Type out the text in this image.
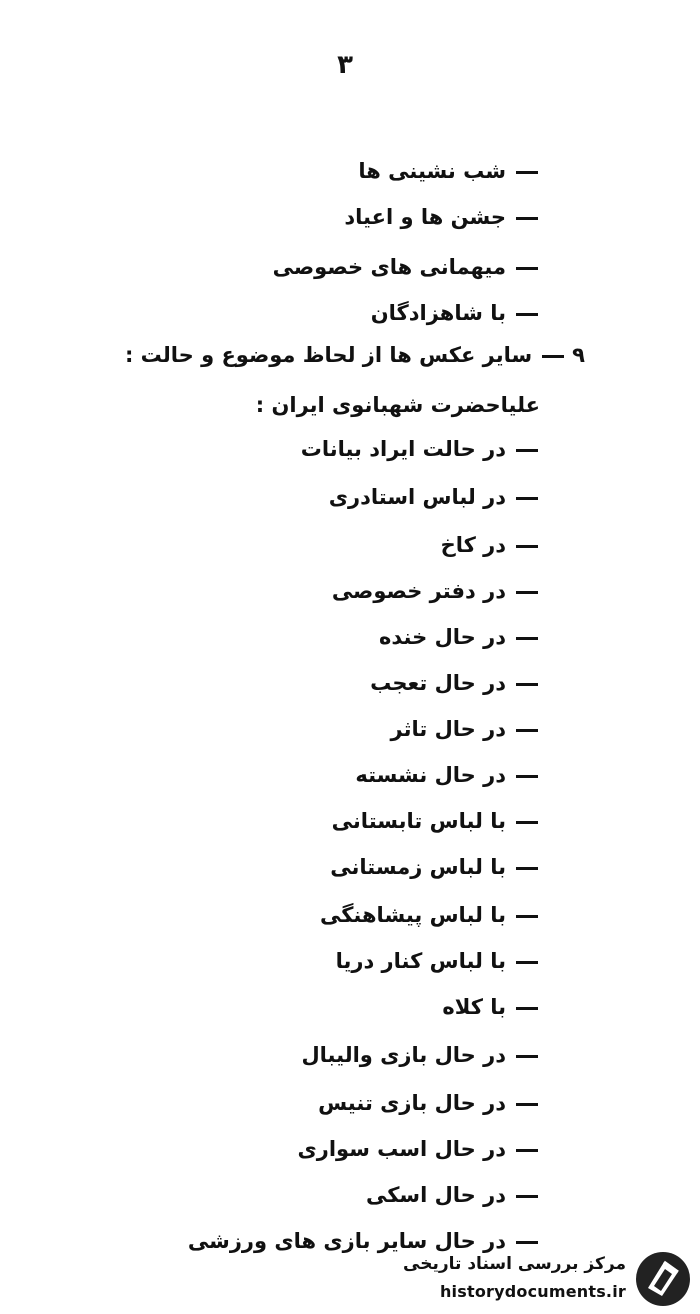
۳
شب نشینی ها
جشن ها و اعیاد
میهمانی های خصوصی
با شاهزادگان
۹سایر عکس ها از لحاظ موضوع و حالت :
علیاحضرت شهبانوی ایران :
در حالت ایراد بیانات
در لباس استادری
در کاخ
در دفتر خصوصی
در حال خنده
در حال تعجب
در حال تاثر
در حال نشسته
با لباس تابستانی
با لباس زمستانی
با لباس پیشاهنگی
با لباس کنار دریا
با کلاه
در حال بازی والیبال
در حال بازی تنیس
در حال اسب سواری
در حال اسکی
در حال سایر بازی های ورزشی
مرکز بررسی اسناد تاریخی
historydocuments.ir
